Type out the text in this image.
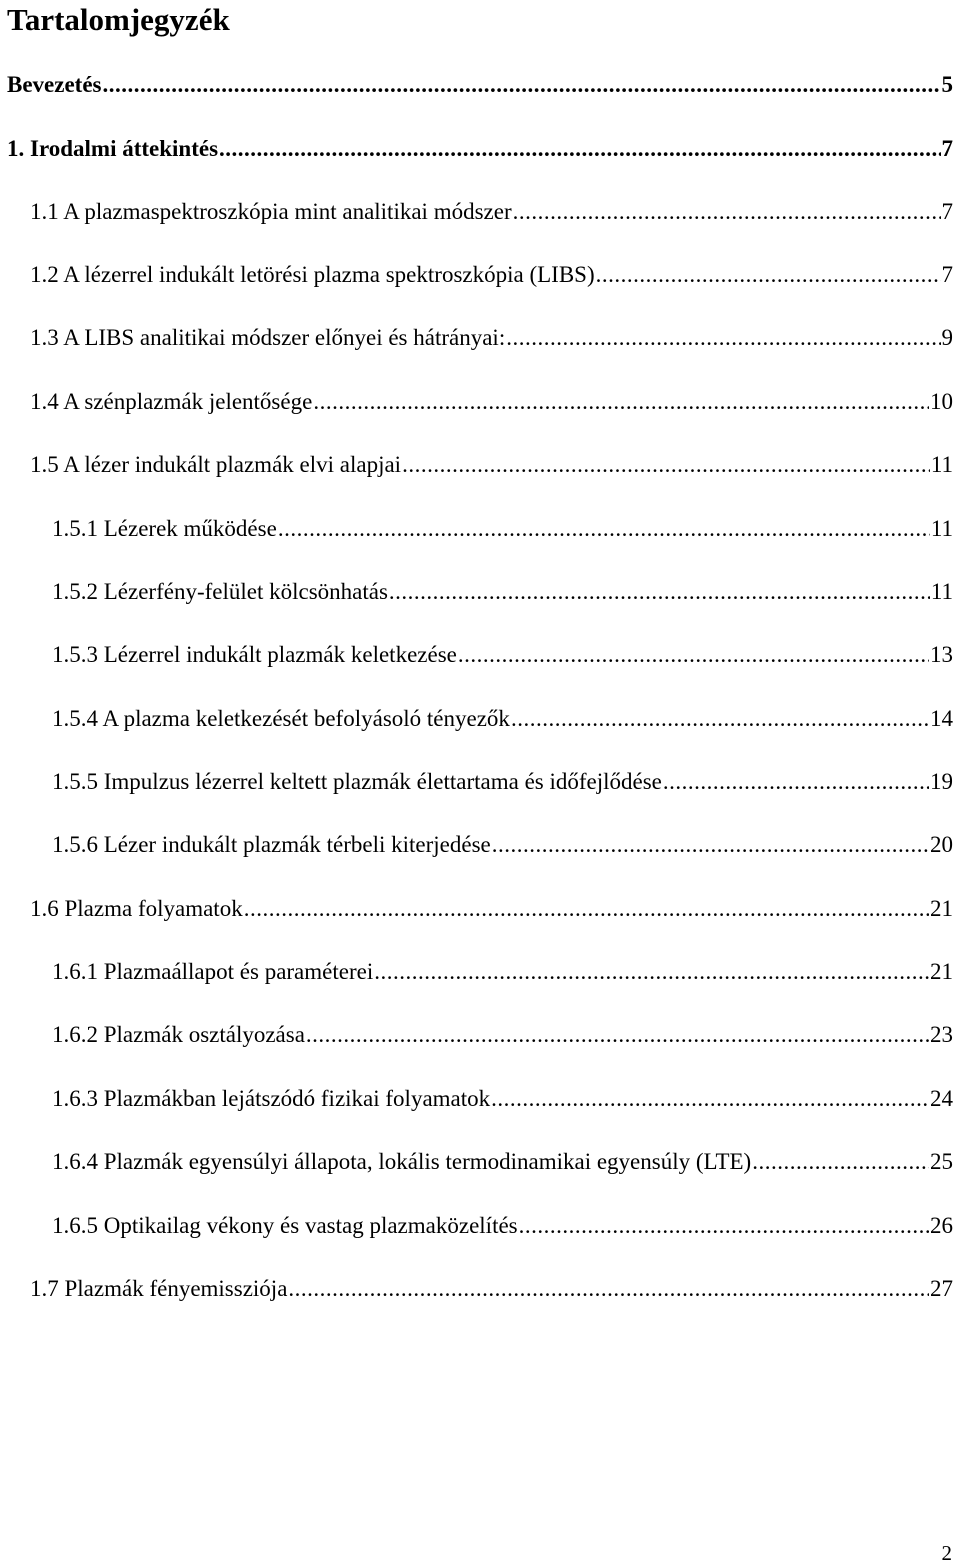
Tartalomjegyzék
Bevezetés .....	5
1. Irodalmi áttekintés .....	7
1.1 A plazmaspektroszkópia mint analitikai módszer .....	7
1.2 A lézerrel indukált letörési plazma spektroszkópia (LIBS) .....	7
1.3 A LIBS analitikai módszer előnyei és hátrányai: .....	9
1.4 A szénplazmák jelentősége .....	10
1.5 A lézer indukált plazmák elvi alapjai .....	11
1.5.1 Lézerek működése .....	11
1.5.2 Lézerfény-felület kölcsönhatás .....	11
1.5.3 Lézerrel indukált plazmák keletkezése .....	13
1.5.4 A plazma keletkezését befolyásoló tényezők .....	14
1.5.5 Impulzus lézerrel keltett plazmák élettartama és időfejlődése .....	19
1.5.6 Lézer indukált plazmák térbeli kiterjedése .....	20
1.6 Plazma folyamatok .....	21
1.6.1 Plazmaállapot és paraméterei .....	21
1.6.2 Plazmák osztályozása .....	23
1.6.3 Plazmákban lejátszódó fizikai folyamatok .....	24
1.6.4 Plazmák egyensúlyi állapota, lokális termodinamikai egyensúly (LTE) .....	25
1.6.5 Optikailag vékony és vastag plazmaközelítés .....	26
1.7 Plazmák fényemissziója .....	27
2
